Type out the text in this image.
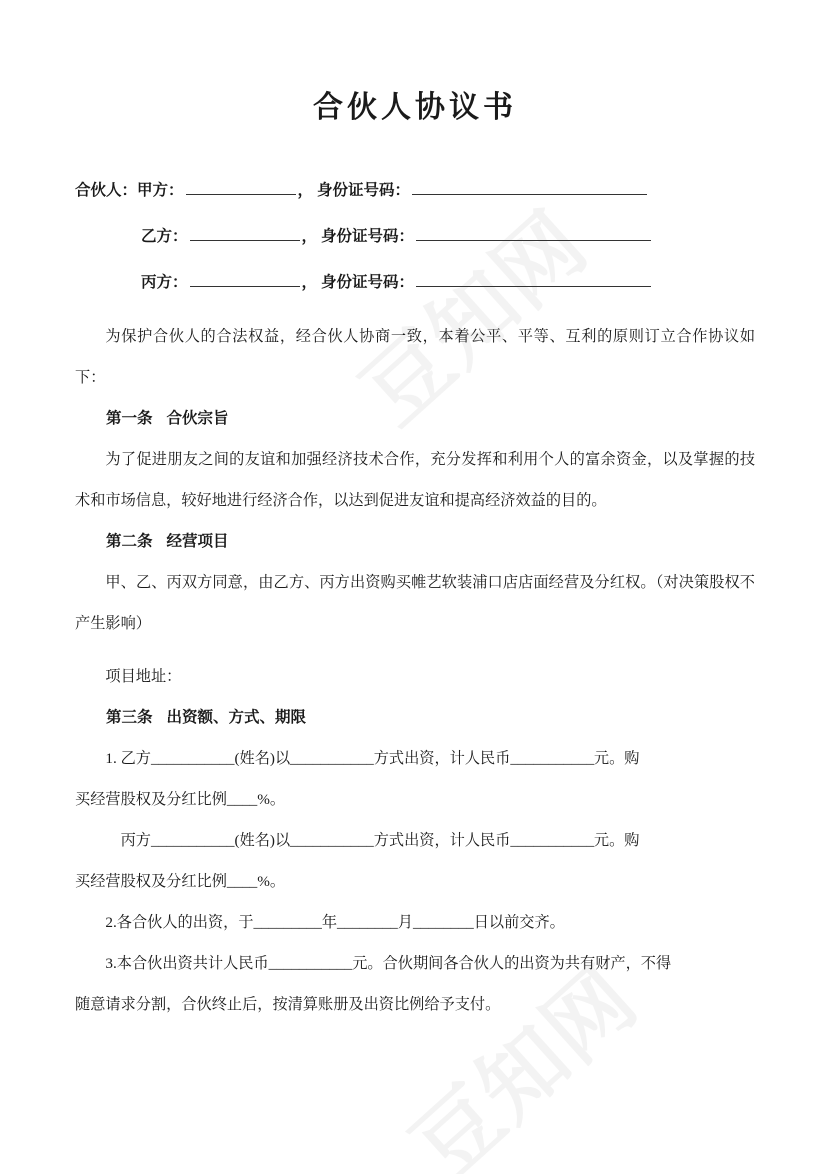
合伙人协议书
合伙人： 甲方：	， 身份证号码：
乙方：	， 身份证号码：
丙方：	， 身份证号码：

为保护合伙人的合法权益，经合伙人协商一致，本着公平、平等、互利的原则订立合作协议如下：

第一条 合伙宗旨

为了促进朋友之间的友谊和加强经济技术合作，充分发挥和利用个人的富余资金，以及掌握的技术和市场信息，较好地进行经济合作，以达到促进友谊和提高经济效益的目的。

第二条 经营项目

甲、乙、丙双方同意，由乙方、丙方出资购买帷艺软装浦口店店面经营及分红权。（对决策股权不产生影响）

项目地址：

第三条 出资额、方式、期限

1. 乙方___________(姓名)以___________方式出资，计人民币___________元。购

买经营股权及分红比例____%。

丙方___________(姓名)以___________方式出资，计人民币___________元。购

买经营股权及分红比例____%。

2.各合伙人的出资，于_________年________月________日以前交齐。

3.本合伙出资共计人民币___________元。合伙期间各合伙人的出资为共有财产，不得

随意请求分割，合伙终止后，按清算账册及出资比例给予支付。
